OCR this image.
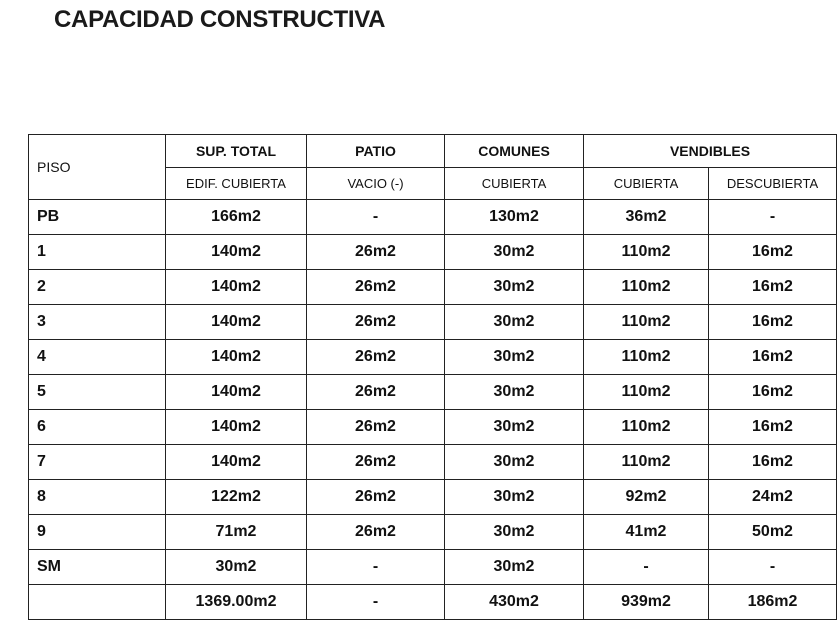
CAPACIDAD CONSTRUCTIVA
PISO	SUP. TOTAL	PATIO	COMUNES	VENDIBLES	
	EDIF. CUBIERTA	VACIO (-)	CUBIERTA	CUBIERTA	DESCUBIERTA
PB	166m2	-	130m2	36m2	-
1	140m2	26m2	30m2	110m2	16m2
2	140m2	26m2	30m2	110m2	16m2
3	140m2	26m2	30m2	110m2	16m2
4	140m2	26m2	30m2	110m2	16m2
5	140m2	26m2	30m2	110m2	16m2
6	140m2	26m2	30m2	110m2	16m2
7	140m2	26m2	30m2	110m2	16m2
8	122m2	26m2	30m2	92m2	24m2
9	71m2	26m2	30m2	41m2	50m2
SM	30m2	-	30m2	-	-
	1369.00m2	-	430m2	939m2	186m2
